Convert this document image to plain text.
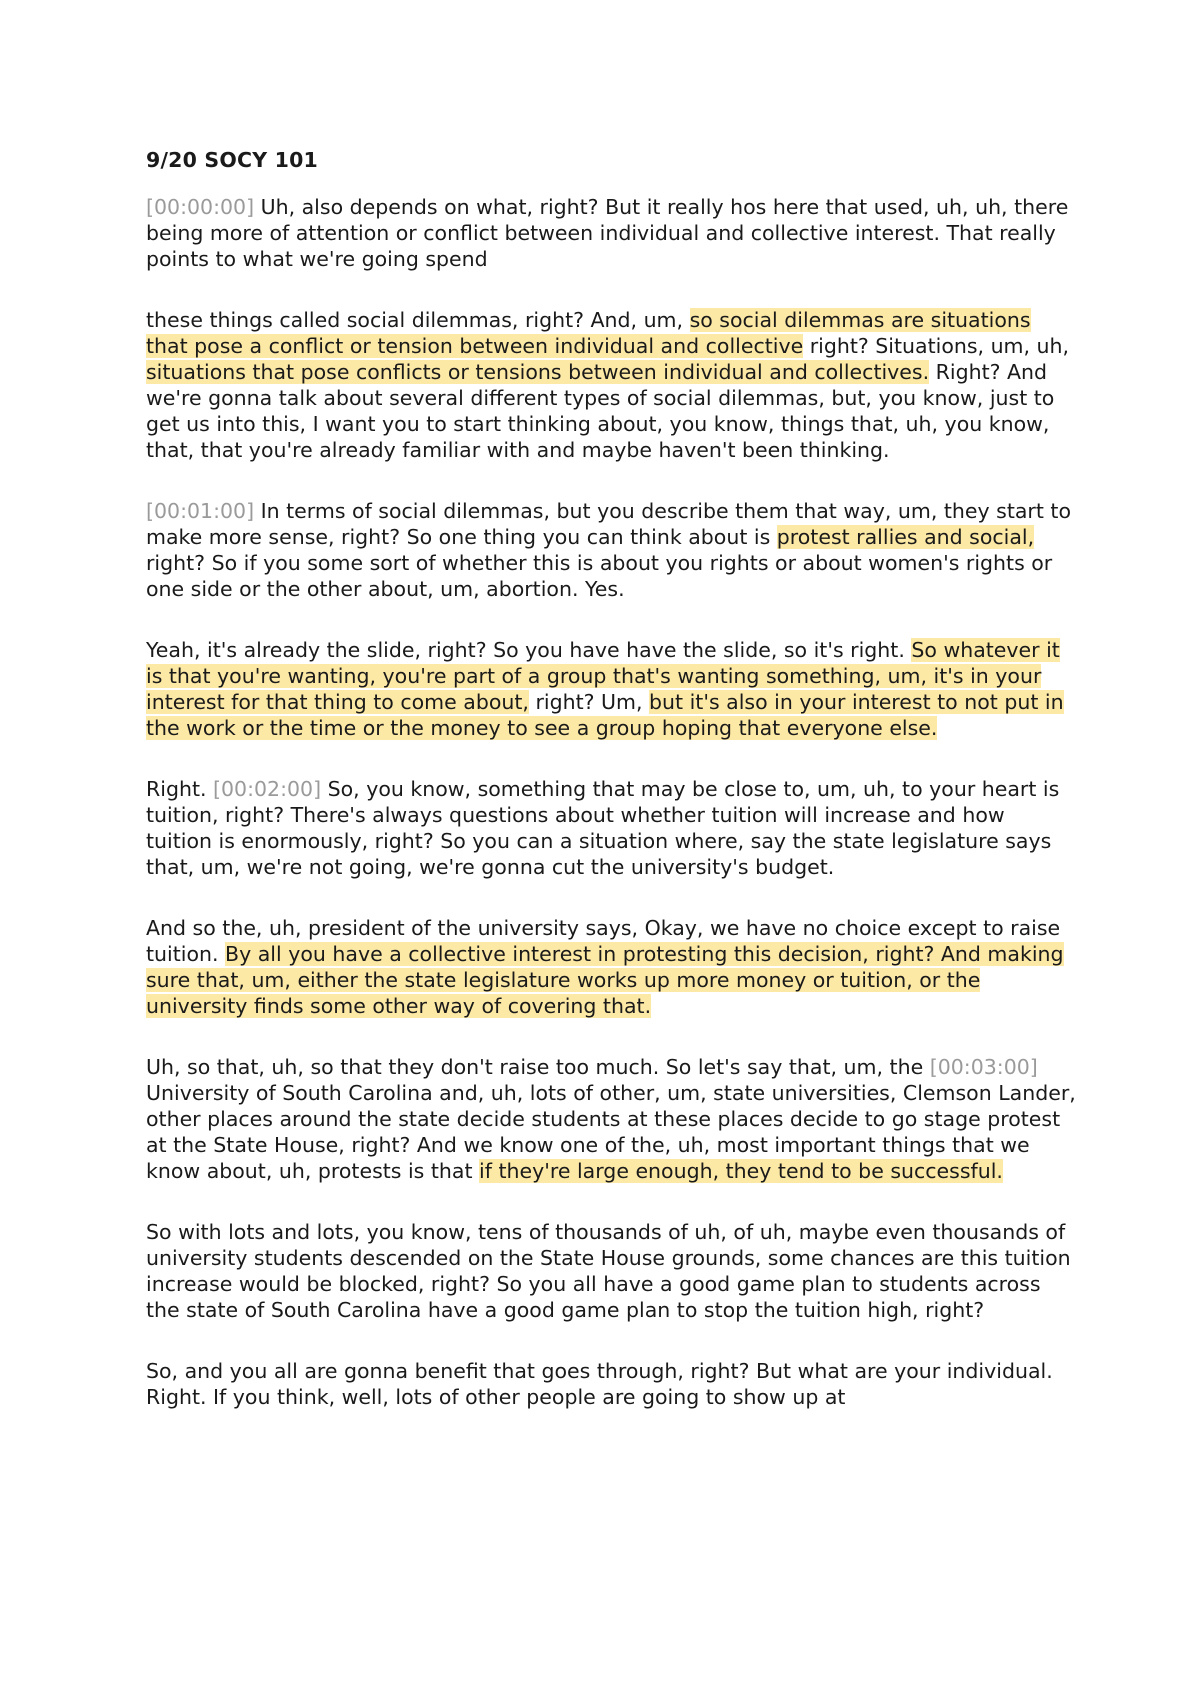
9/20 SOCY 101

[00:00:00] Uh, also depends on what, right? But it really hos here that used, uh, uh, there being more of attention or conflict between individual and collective interest. That really points to what we're going spend

these things called social dilemmas, right? And, um, so social dilemmas are situations that pose a conflict or tension between individual and collective right? Situations, um, uh, situations that pose conflicts or tensions between individual and collectives. Right? And we're gonna talk about several different types of social dilemmas, but, you know, just to get us into this, I want you to start thinking about, you know, things that, uh, you know, that, that you're already familiar with and maybe haven't been thinking.

[00:01:00] In terms of social dilemmas, but you describe them that way, um, they start to make more sense, right? So one thing you can think about is protest rallies and social, right? So if you some sort of whether this is about you rights or about women's rights or one side or the other about, um, abortion. Yes.

Yeah, it's already the slide, right? So you have have the slide, so it's right. So whatever it is that you're wanting, you're part of a group that's wanting something, um, it's in your interest for that thing to come about, right? Um, but it's also in your interest to not put in the work or the time or the money to see a group hoping that everyone else.

Right. [00:02:00] So, you know, something that may be close to, um, uh, to your heart is tuition, right? There's always questions about whether tuition will increase and how tuition is enormously, right? So you can a situation where, say the state legislature says that, um, we're not going, we're gonna cut the university's budget.

And so the, uh, president of the university says, Okay, we have no choice except to raise tuition. By all you have a collective interest in protesting this decision, right? And making sure that, um, either the state legislature works up more money or tuition, or the university finds some other way of covering that.

Uh, so that, uh, so that they don't raise too much. So let's say that, um, the [00:03:00] University of South Carolina and, uh, lots of other, um, state universities, Clemson Lander, other places around the state decide students at these places decide to go stage protest at the State House, right? And we know one of the, uh, most important things that we know about, uh, protests is that if they're large enough, they tend to be successful.

So with lots and lots, you know, tens of thousands of uh, of uh, maybe even thousands of university students descended on the State House grounds, some chances are this tuition increase would be blocked, right? So you all have a good game plan to students across the state of South Carolina have a good game plan to stop the tuition high, right?

So, and you all are gonna benefit that goes through, right? But what are your individual. Right. If you think, well, lots of other people are going to show up at
